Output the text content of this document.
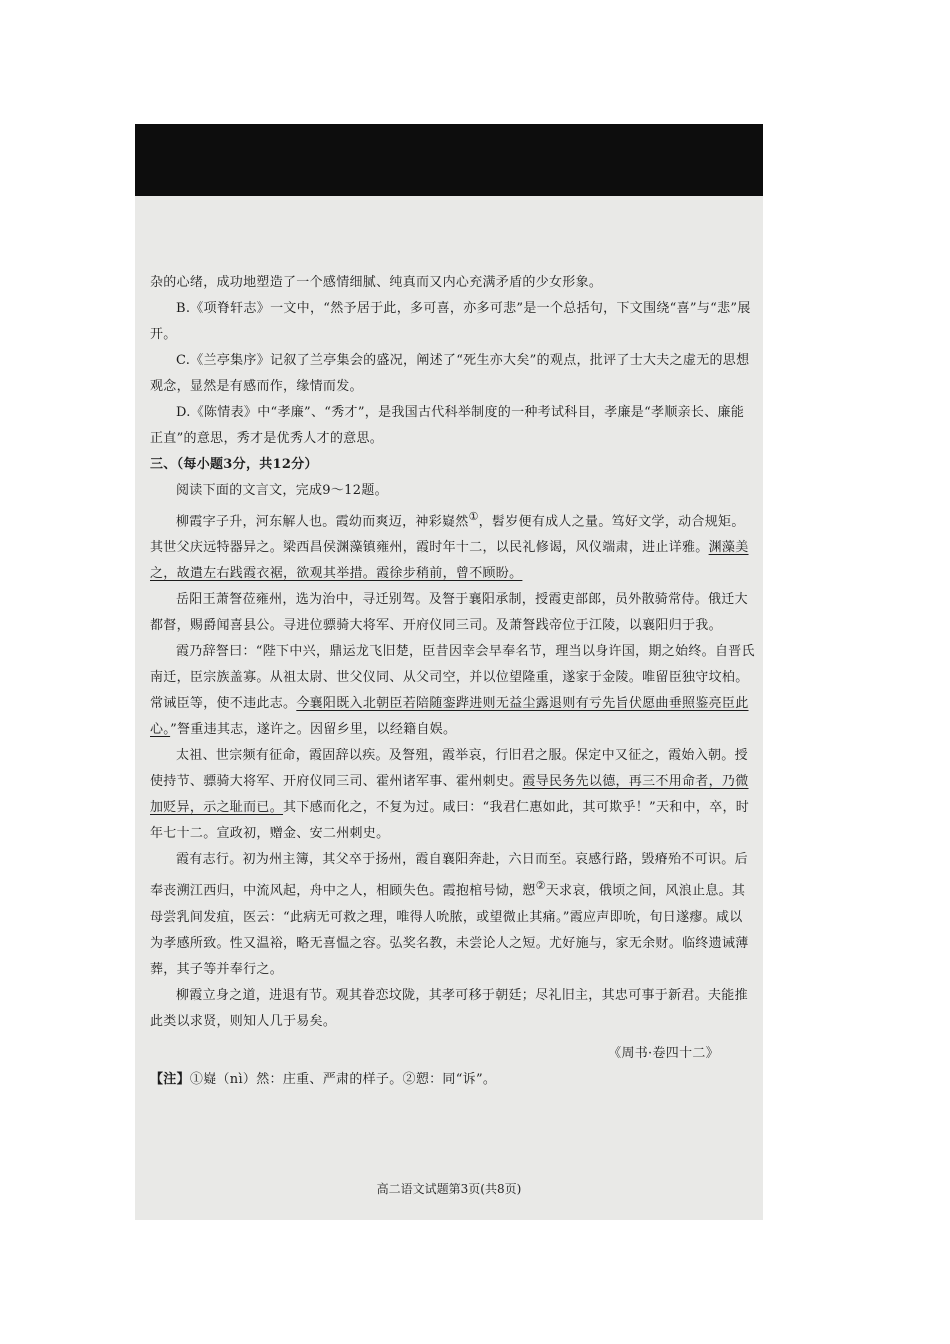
杂的心绪，成功地塑造了一个感情细腻、纯真而又内心充满矛盾的少女形象。

B.《项脊轩志》一文中，“然予居于此，多可喜，亦多可悲”是一个总括句，下文围绕“喜”与“悲”展开。

C.《兰亭集序》记叙了兰亭集会的盛况，阐述了“死生亦大矣”的观点，批评了士大夫之虚无的思想观念，显然是有感而作，缘情而发。

D.《陈情表》中“孝廉”、“秀才”，是我国古代科举制度的一种考试科目，孝廉是“孝顺亲长、廉能正直”的意思，秀才是优秀人才的意思。

三、（每小题3分，共12分）

阅读下面的文言文，完成9～12题。

柳霞字子升，河东解人也。霞幼而爽迈，神彩嶷然①，髫岁便有成人之量。笃好文学，动合规矩。其世父庆远特器异之。梁西昌侯渊藻镇雍州，霞时年十二，以民礼修谒，风仪端肃，进止详雅。渊藻美之，故遣左右践霞衣裾，欲观其举措。霞徐步稍前，曾不顾盼。

岳阳王萧詧莅雍州，选为治中，寻迁别驾。及詧于襄阳承制，授霞吏部郎，员外散骑常侍。俄迁大都督，赐爵闻喜县公。寻进位骠骑大将军、开府仪同三司。及萧詧践帝位于江陵，以襄阳归于我。

霞乃辞詧曰：“陛下中兴，鼎运龙飞旧楚，臣昔因幸会早奉名节，理当以身许国，期之始终。自晋氏南迁，臣宗族盖寡。从祖太尉、世父仪同、从父司空，并以位望隆重，遂家于金陵。唯留臣独守坟柏。常诫臣等，使不违此志。今襄阳既入北朝臣若陪随銮跸进则无益尘露退则有亏先旨伏愿曲垂照鉴亮臣此心。”詧重违其志，遂许之。因留乡里，以经籍自娱。

太祖、世宗频有征命，霞固辞以疾。及詧殂，霞举哀，行旧君之服。保定中又征之，霞始入朝。授使持节、骠骑大将军、开府仪同三司、霍州诸军事、霍州刺史。霞导民务先以德，再三不用命者，乃微加贬异，示之耻而已。其下感而化之，不复为过。咸曰：“我君仁惠如此，其可欺乎！”天和中，卒，时年七十二。宣政初，赠金、安二州刺史。

霞有志行。初为州主簿，其父卒于扬州，霞自襄阳奔赴，六日而至。哀感行路，毁瘠殆不可识。后奉丧溯江西归，中流风起，舟中之人，相顾失色。霞抱棺号恸，愬②天求哀，俄顷之间，风浪止息。其母尝乳间发疽，医云：“此病无可救之理，唯得人吮脓，或望微止其痛。”霞应声即吮，旬日遂瘳。咸以为孝感所致。性又温裕，略无喜愠之容。弘奖名教，未尝论人之短。尤好施与，家无余财。临终遗诫薄葬，其子等并奉行之。

柳霞立身之道，进退有节。观其眷恋坟陇，其孝可移于朝廷；尽礼旧主，其忠可事于新君。夫能推此类以求贤，则知人几于易矣。

《周书·卷四十二》

【注】①嶷（nì）然：庄重、严肃的样子。②愬：同“诉”。

高二语文试题第3页(共8页)
